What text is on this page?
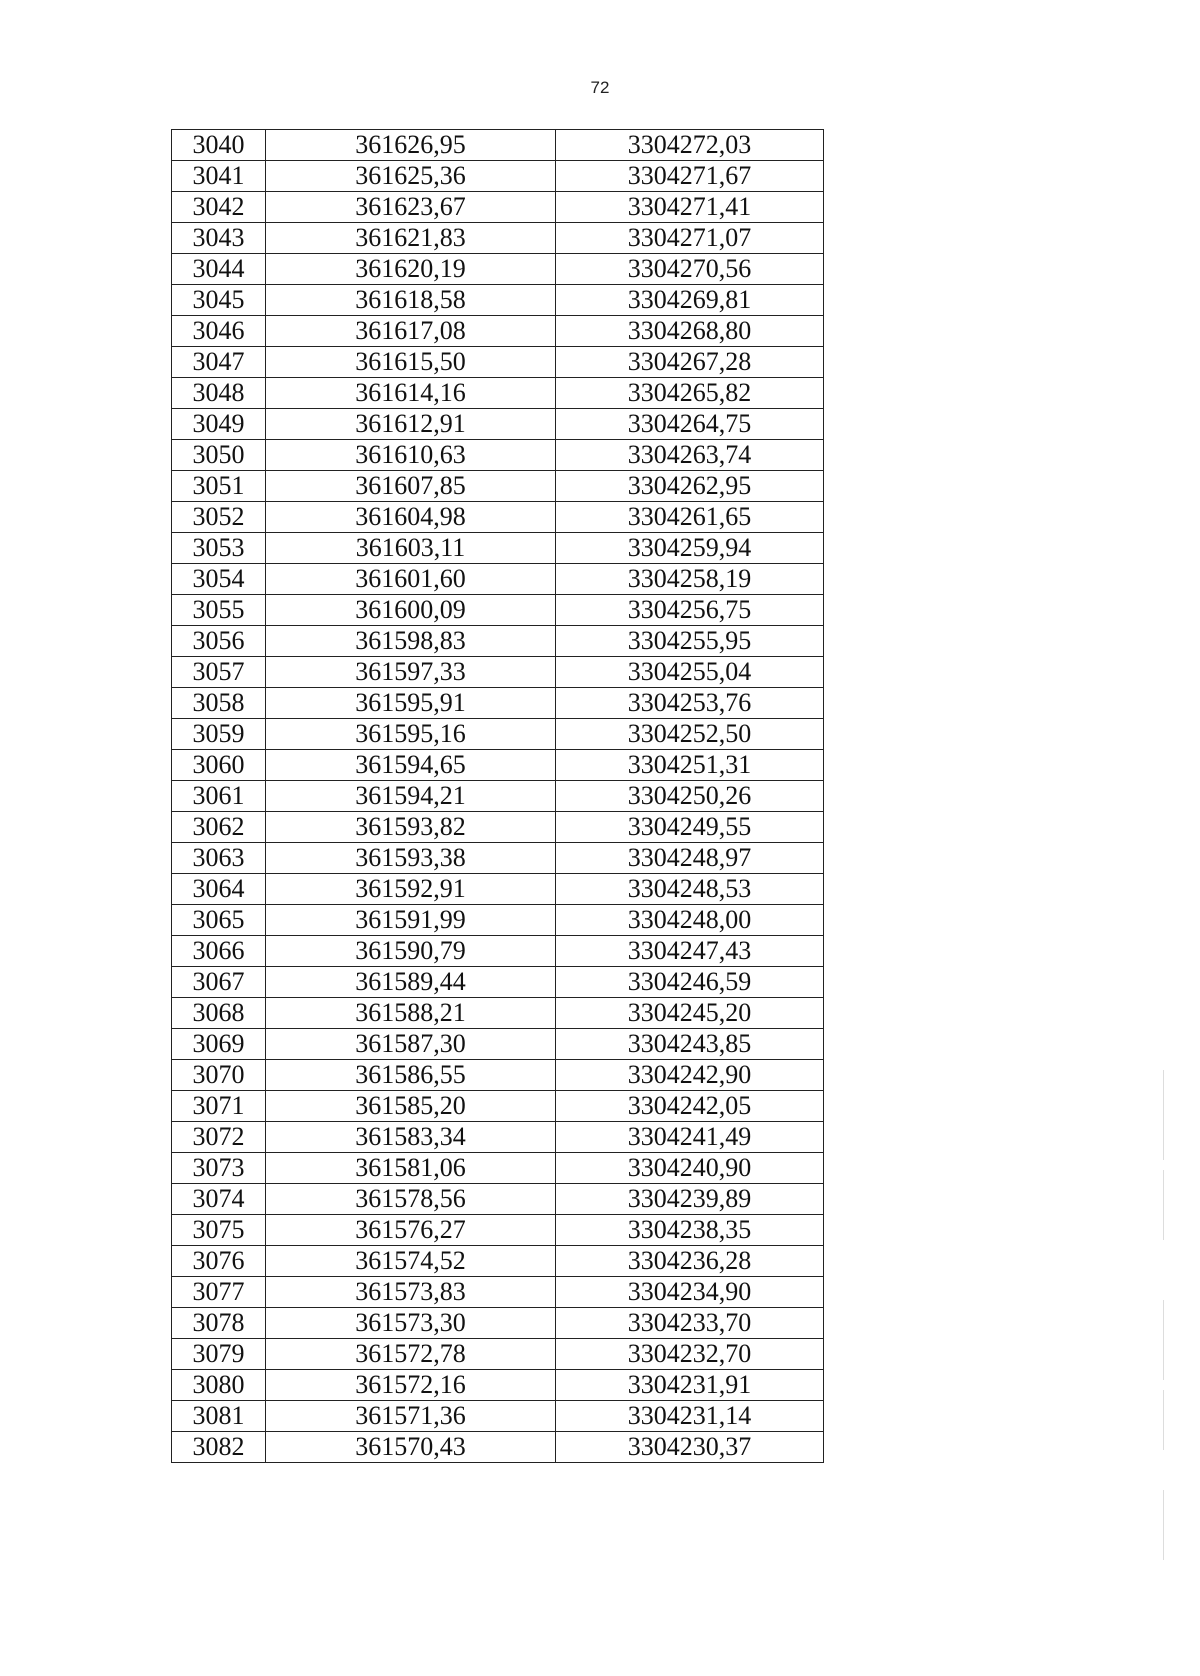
72
3040	361626,95	3304272,03
3041	361625,36	3304271,67
3042	361623,67	3304271,41
3043	361621,83	3304271,07
3044	361620,19	3304270,56
3045	361618,58	3304269,81
3046	361617,08	3304268,80
3047	361615,50	3304267,28
3048	361614,16	3304265,82
3049	361612,91	3304264,75
3050	361610,63	3304263,74
3051	361607,85	3304262,95
3052	361604,98	3304261,65
3053	361603,11	3304259,94
3054	361601,60	3304258,19
3055	361600,09	3304256,75
3056	361598,83	3304255,95
3057	361597,33	3304255,04
3058	361595,91	3304253,76
3059	361595,16	3304252,50
3060	361594,65	3304251,31
3061	361594,21	3304250,26
3062	361593,82	3304249,55
3063	361593,38	3304248,97
3064	361592,91	3304248,53
3065	361591,99	3304248,00
3066	361590,79	3304247,43
3067	361589,44	3304246,59
3068	361588,21	3304245,20
3069	361587,30	3304243,85
3070	361586,55	3304242,90
3071	361585,20	3304242,05
3072	361583,34	3304241,49
3073	361581,06	3304240,90
3074	361578,56	3304239,89
3075	361576,27	3304238,35
3076	361574,52	3304236,28
3077	361573,83	3304234,90
3078	361573,30	3304233,70
3079	361572,78	3304232,70
3080	361572,16	3304231,91
3081	361571,36	3304231,14
3082	361570,43	3304230,37
